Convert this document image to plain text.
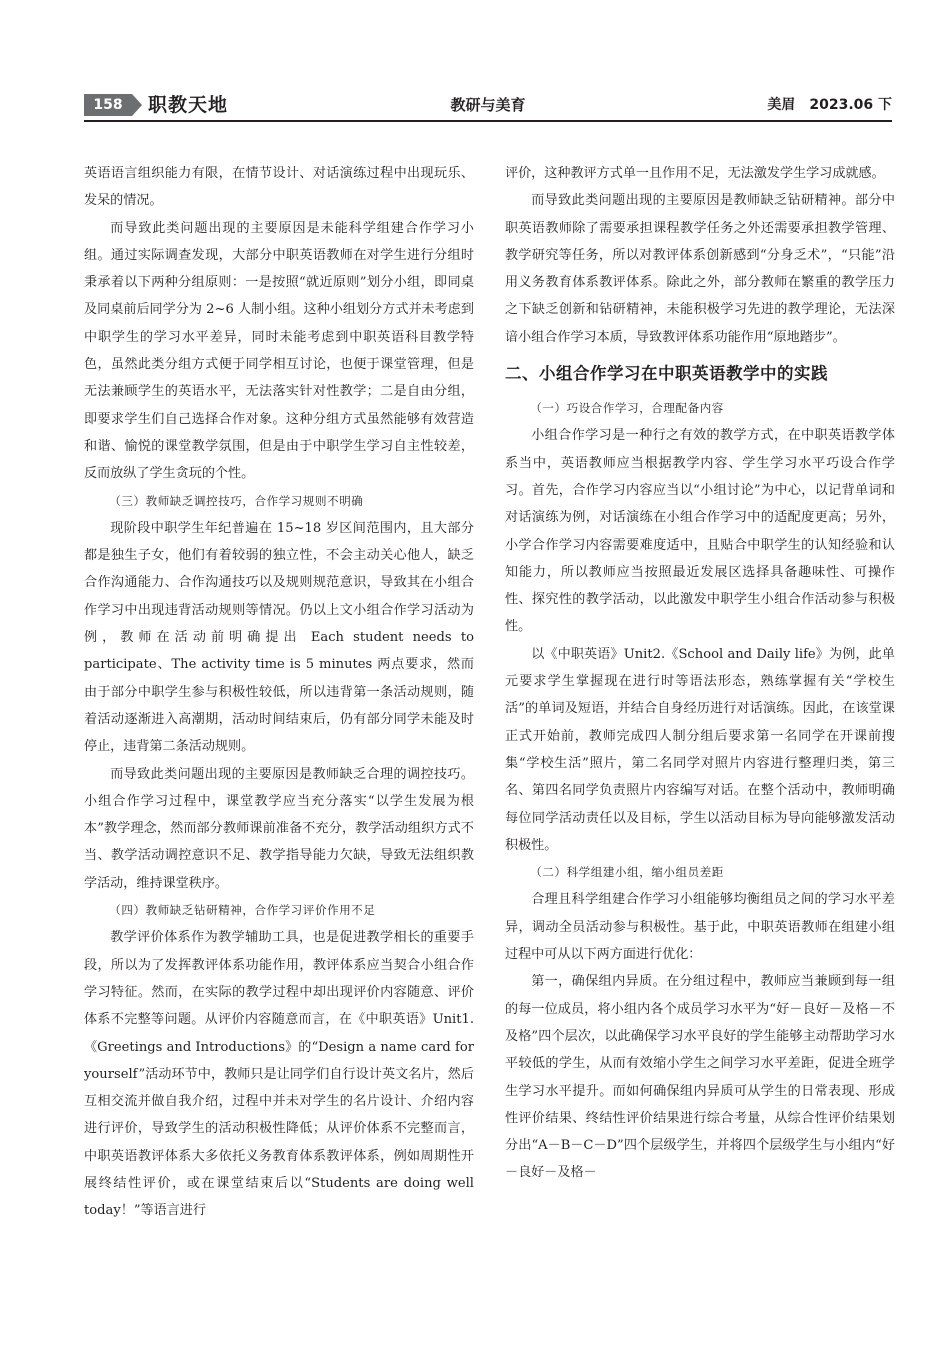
158	职教天地	教研与美育	美眉　2023.06 下

英语语言组织能力有限，在情节设计、对话演练过程中出现玩乐、发呆的情况。

而导致此类问题出现的主要原因是未能科学组建合作学习小组。通过实际调查发现，大部分中职英语教师在对学生进行分组时秉承着以下两种分组原则：一是按照“就近原则”划分小组，即同桌及同桌前后同学分为 2~6 人制小组。这种小组划分方式并未考虑到中职学生的学习水平差异，同时未能考虑到中职英语科目教学特色，虽然此类分组方式便于同学相互讨论，也便于课堂管理，但是无法兼顾学生的英语水平，无法落实针对性教学；二是自由分组，即要求学生们自己选择合作对象。这种分组方式虽然能够有效营造和谐、愉悦的课堂教学氛围，但是由于中职学生学习自主性较差，反而放纵了学生贪玩的个性。

（三）教师缺乏调控技巧，合作学习规则不明确

现阶段中职学生年纪普遍在 15~18 岁区间范围内，且大部分都是独生子女，他们有着较弱的独立性，不会主动关心他人，缺乏合作沟通能力、合作沟通技巧以及规则规范意识，导致其在小组合作学习中出现违背活动规则等情况。仍以上文小组合作学习活动为例，教师在活动前明确提出 Each student needs to participate、The activity time is 5 minutes 两点要求，然而由于部分中职学生参与积极性较低，所以违背第一条活动规则，随着活动逐渐进入高潮期，活动时间结束后，仍有部分同学未能及时停止，违背第二条活动规则。

而导致此类问题出现的主要原因是教师缺乏合理的调控技巧。小组合作学习过程中，课堂教学应当充分落实“以学生发展为根本”教学理念，然而部分教师课前准备不充分，教学活动组织方式不当、教学活动调控意识不足、教学指导能力欠缺，导致无法组织教学活动，维持课堂秩序。

（四）教师缺乏钻研精神，合作学习评价作用不足

教学评价体系作为教学辅助工具，也是促进教学相长的重要手段，所以为了发挥教评体系功能作用，教评体系应当契合小组合作学习特征。然而，在实际的教学过程中却出现评价内容随意、评价体系不完整等问题。从评价内容随意而言，在《中职英语》Unit1.《Greetings and Introductions》的“Design a name card for yourself”活动环节中，教师只是让同学们自行设计英文名片，然后互相交流并做自我介绍，过程中并未对学生的名片设计、介绍内容进行评价，导致学生的活动积极性降低；从评价体系不完整而言，中职英语教评体系大多依托义务教育体系教评体系，例如周期性开展终结性评价，或在课堂结束后以“Students are doing well today！”等语言进行

评价，这种教评方式单一且作用不足，无法激发学生学习成就感。

而导致此类问题出现的主要原因是教师缺乏钻研精神。部分中职英语教师除了需要承担课程教学任务之外还需要承担教学管理、教学研究等任务，所以对教评体系创新感到“分身乏术”，“只能”沿用义务教育体系教评体系。除此之外，部分教师在繁重的教学压力之下缺乏创新和钻研精神，未能积极学习先进的教学理论，无法深谙小组合作学习本质，导致教评体系功能作用“原地踏步”。

二、小组合作学习在中职英语教学中的实践

（一）巧设合作学习，合理配备内容

小组合作学习是一种行之有效的教学方式，在中职英语教学体系当中，英语教师应当根据教学内容、学生学习水平巧设合作学习。首先，合作学习内容应当以“小组讨论”为中心，以记背单词和对话演练为例，对话演练在小组合作学习中的适配度更高；另外，小学合作学习内容需要难度适中，且贴合中职学生的认知经验和认知能力，所以教师应当按照最近发展区选择具备趣味性、可操作性、探究性的教学活动，以此激发中职学生小组合作活动参与积极性。

以《中职英语》Unit2.《School and Daily life》为例，此单元要求学生掌握现在进行时等语法形态，熟练掌握有关“学校生活”的单词及短语，并结合自身经历进行对话演练。因此，在该堂课正式开始前，教师完成四人制分组后要求第一名同学在开课前搜集“学校生活”照片，第二名同学对照片内容进行整理归类，第三名、第四名同学负责照片内容编写对话。在整个活动中，教师明确每位同学活动责任以及目标，学生以活动目标为导向能够激发活动积极性。

（二）科学组建小组，缩小组员差距

合理且科学组建合作学习小组能够均衡组员之间的学习水平差异，调动全员活动参与积极性。基于此，中职英语教师在组建小组过程中可从以下两方面进行优化：

第一，确保组内异质。在分组过程中，教师应当兼顾到每一组的每一位成员，将小组内各个成员学习水平为“好－良好－及格－不及格”四个层次，以此确保学习水平良好的学生能够主动帮助学习水平较低的学生，从而有效缩小学生之间学习水平差距，促进全班学生学习水平提升。而如何确保组内异质可从学生的日常表现、形成性评价结果、终结性评价结果进行综合考量，从综合性评价结果划分出“A－B－C－D”四个层级学生，并将四个层级学生与小组内“好－良好－及格－
